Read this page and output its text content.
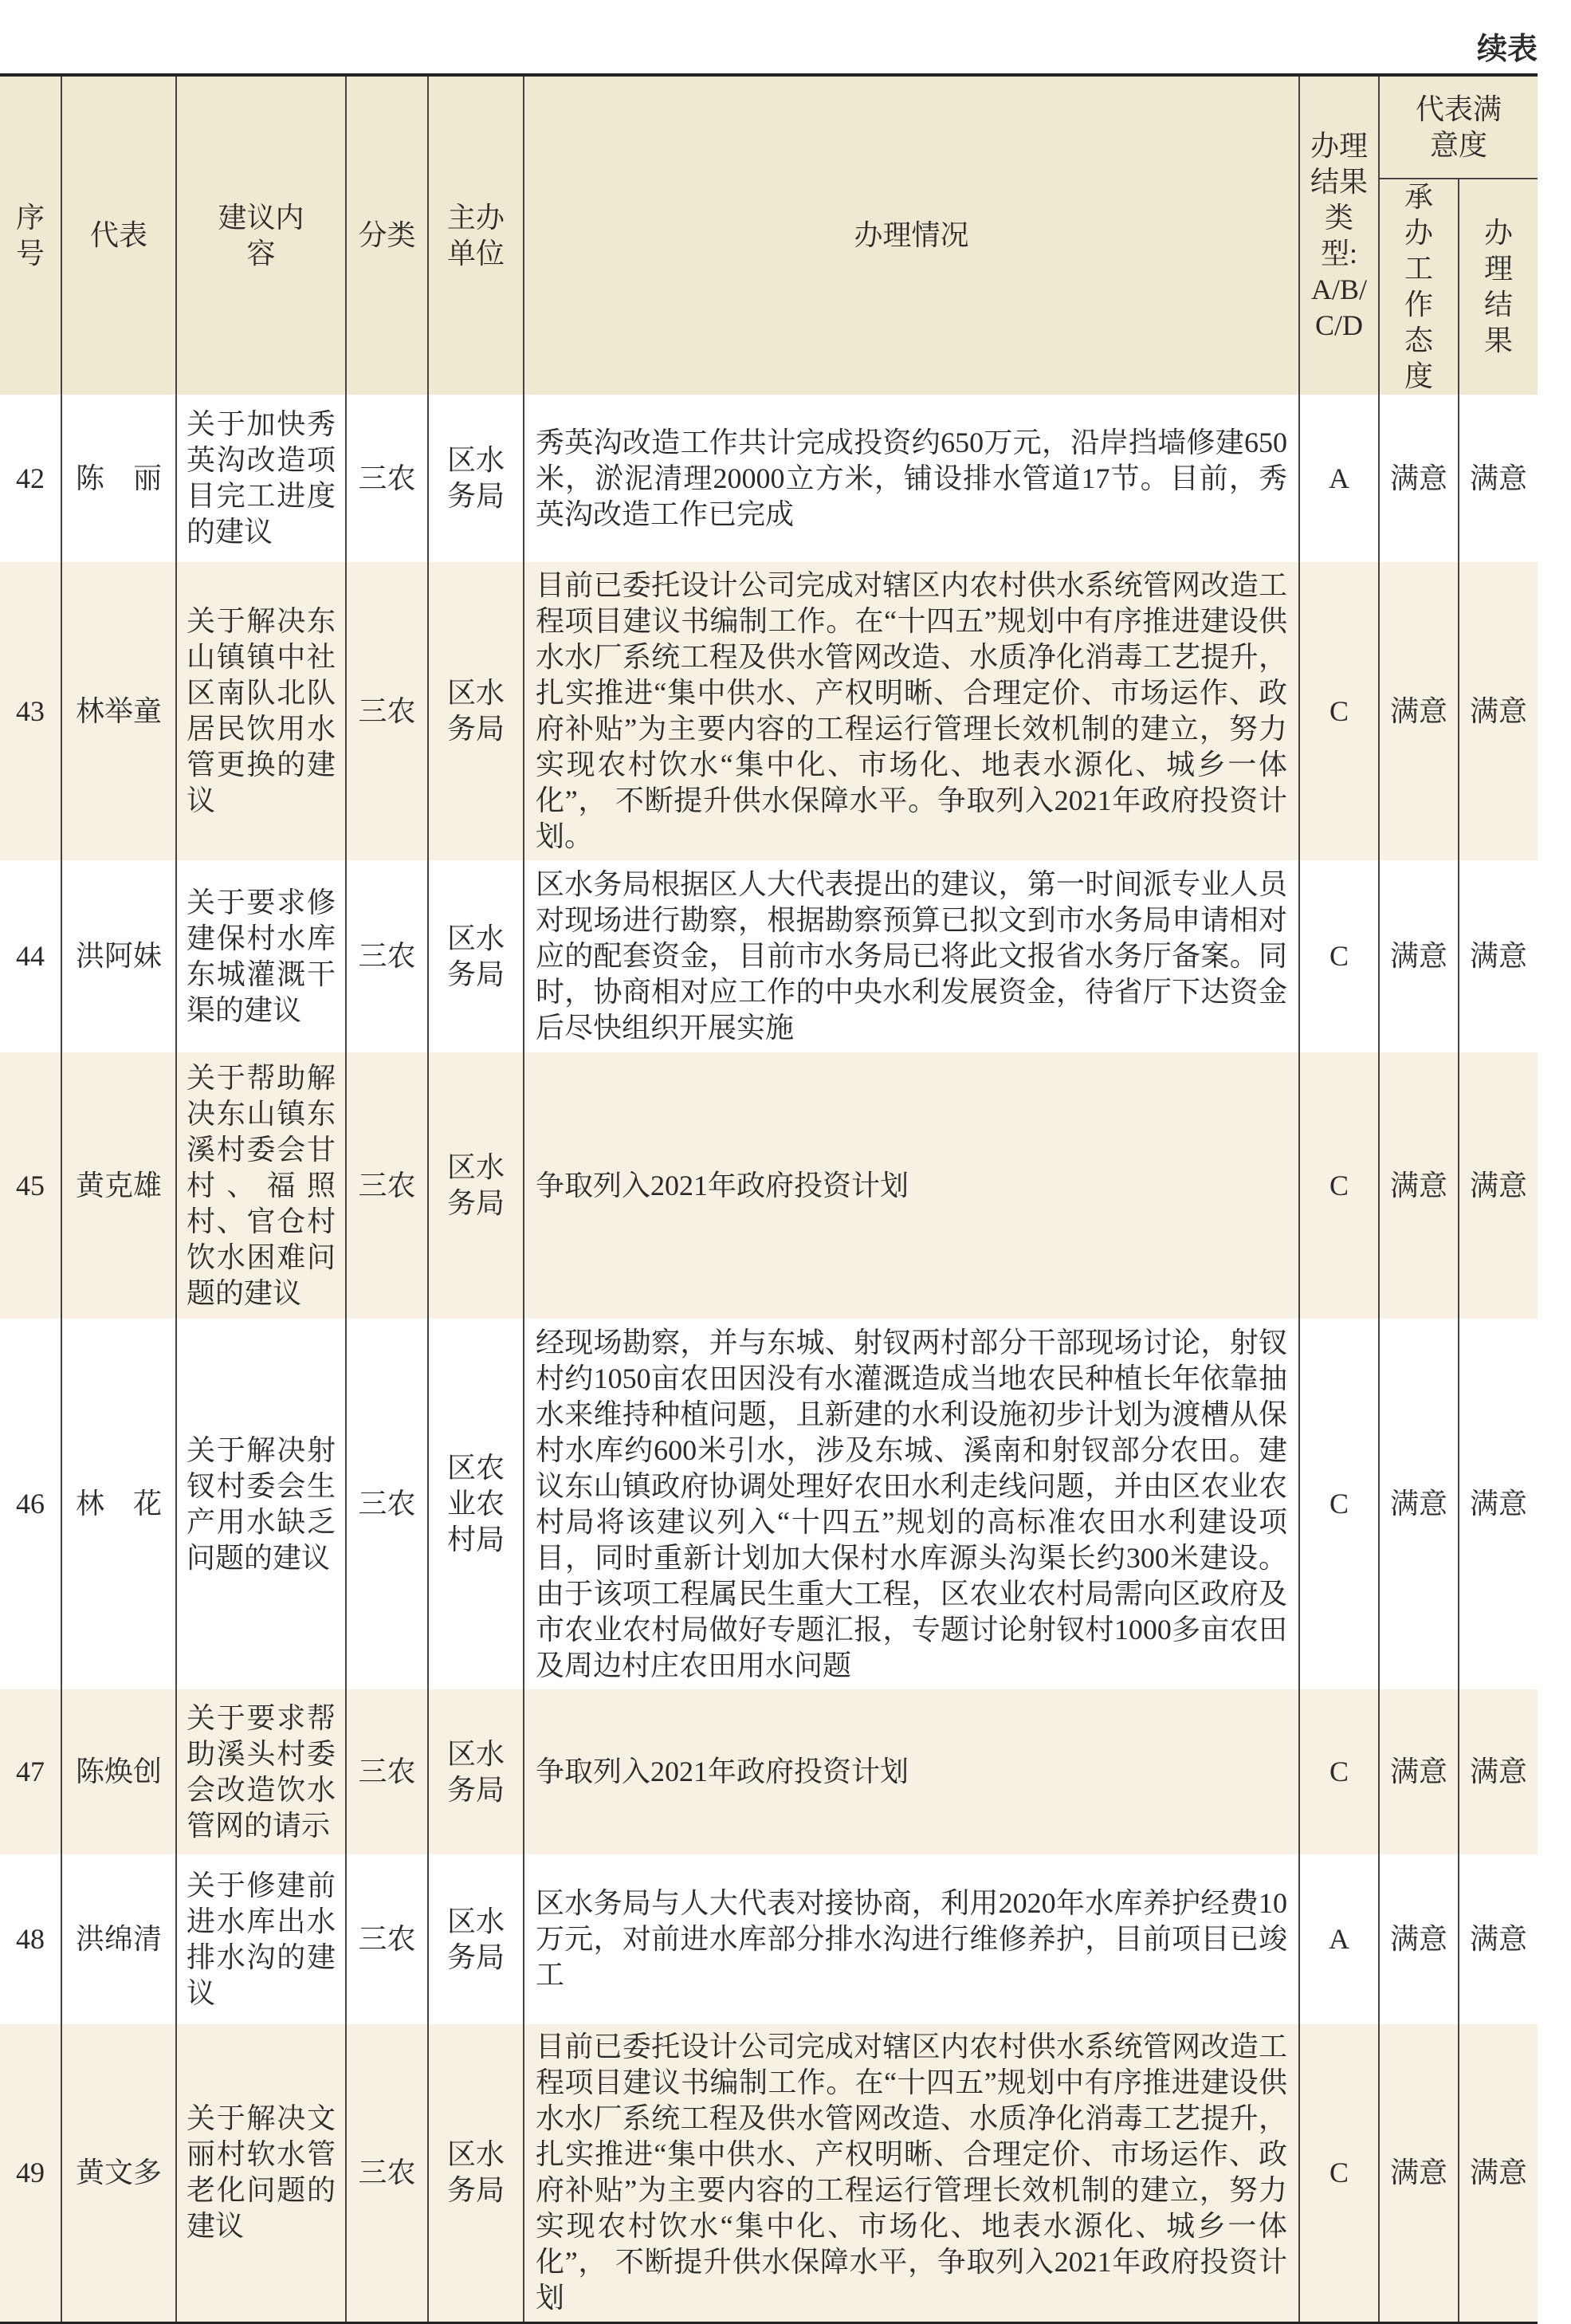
续表
序号	代表	建议内容	分类	主办单位	办理情况	办理结果类型: A/B/C/D	代表满意度	
							承办工作态度	办理结果
42	陈　丽	关于加快秀英沟改造项目完工进度的建议	三农	区水务局	秀英沟改造工作共计完成投资约650万元，沿岸挡墙修建650米，淤泥清理20000立方米，铺设排水管道17节。目前，秀英沟改造工作已完成	A	满意	满意
43	林举童	关于解决东山镇镇中社区南队北队居民饮用水管更换的建议	三农	区水务局	目前已委托设计公司完成对辖区内农村供水系统管网改造工程项目建议书编制工作。在“十四五”规划中有序推进建设供水水厂系统工程及供水管网改造、水质净化消毒工艺提升， 扎实推进“集中供水、产权明晰、合理定价、市场运作、政府补贴”为主要内容的工程运行管理长效机制的建立，努力实现农村饮水“集中化、市场化、地表水源化、城乡一体化”， 不断提升供水保障水平。争取列入2021年政府投资计划。	C	满意	满意
44	洪阿妹	关于要求修建保村水库东城灌溉干渠的建议	三农	区水务局	区水务局根据区人大代表提出的建议，第一时间派专业人员对现场进行勘察，根据勘察预算已拟文到市水务局申请相对应的配套资金，目前市水务局已将此文报省水务厅备案。同时，协商相对应工作的中央水利发展资金，待省厅下达资金后尽快组织开展实施	C	满意	满意
45	黄克雄	关于帮助解决东山镇东溪村委会甘村、福照村、官仓村饮水困难问题的建议	三农	区水务局	争取列入2021年政府投资计划	C	满意	满意
46	林　花	关于解决射钗村委会生产用水缺乏问题的建议	三农	区农业农村局	经现场勘察，并与东城、射钗两村部分干部现场讨论，射钗村约1050亩农田因没有水灌溉造成当地农民种植长年依靠抽水来维持种植问题，且新建的水利设施初步计划为渡槽从保村水库约600米引水，涉及东城、溪南和射钗部分农田。建议东山镇政府协调处理好农田水利走线问题，并由区农业农村局将该建议列入“十四五”规划的高标准农田水利建设项目，同时重新计划加大保村水库源头沟渠长约300米建设。由于该项工程属民生重大工程，区农业农村局需向区政府及市农业农村局做好专题汇报，专题讨论射钗村1000多亩农田及周边村庄农田用水问题	C	满意	满意
47	陈焕创	关于要求帮助溪头村委会改造饮水管网的请示	三农	区水务局	争取列入2021年政府投资计划	C	满意	满意
48	洪绵清	关于修建前进水库出水排水沟的建议	三农	区水务局	区水务局与人大代表对接协商，利用2020年水库养护经费10万元，对前进水库部分排水沟进行维修养护，目前项目已竣工	A	满意	满意
49	黄文多	关于解决文丽村软水管老化问题的建议	三农	区水务局	目前已委托设计公司完成对辖区内农村供水系统管网改造工程项目建议书编制工作。在“十四五”规划中有序推进建设供水水厂系统工程及供水管网改造、水质净化消毒工艺提升， 扎实推进“集中供水、产权明晰、合理定价、市场运作、政府补贴”为主要内容的工程运行管理长效机制的建立，努力实现农村饮水“集中化、市场化、地表水源化、城乡一体化”， 不断提升供水保障水平，争取列入2021年政府投资计划	C	满意	满意
